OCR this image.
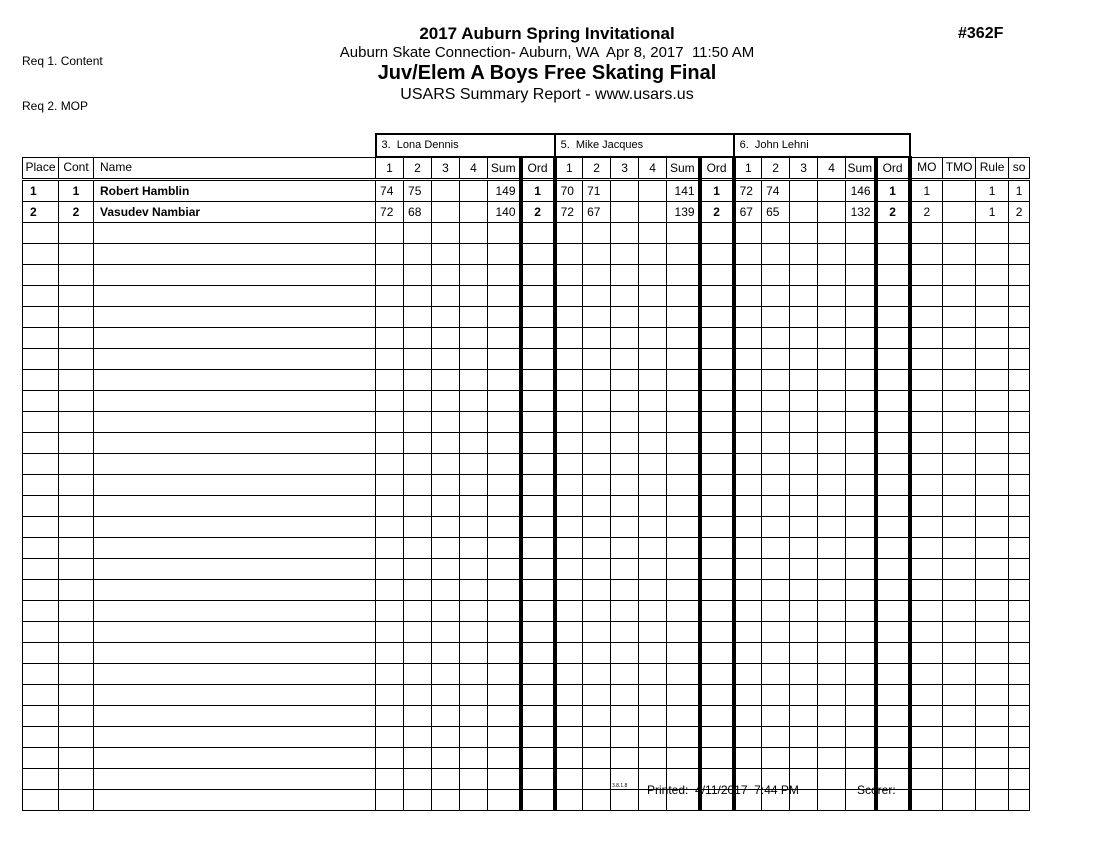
Req 1. Content

Req 2. MOP

2017 Auburn Spring Invitational
Auburn Skate Connection- Auburn, WA  Apr 8, 2017  11:50 AM
Juv/Elem A Boys Free Skating Final
USARS Summary Report - www.usars.us
#362F
			3.  Lona Dennis						5.  Mike Jacques						6.  John Lehni									
Place	Cont	Name	1	2	3	4	Sum	Ord	1	2	3	4	Sum	Ord	1	2	3	4	Sum	Ord	MO	TMO	Rule	so
1	1	Robert Hamblin	74	75			149	1	70	71			141	1	72	74			146	1	1		1	1
2	2	Vasudev Nambiar	72	68			140	2	72	67			139	2	67	65			132	2	2		1	2

3.8.1.8 Printed:  4/11/2017  7:44 PM	Scorer:
